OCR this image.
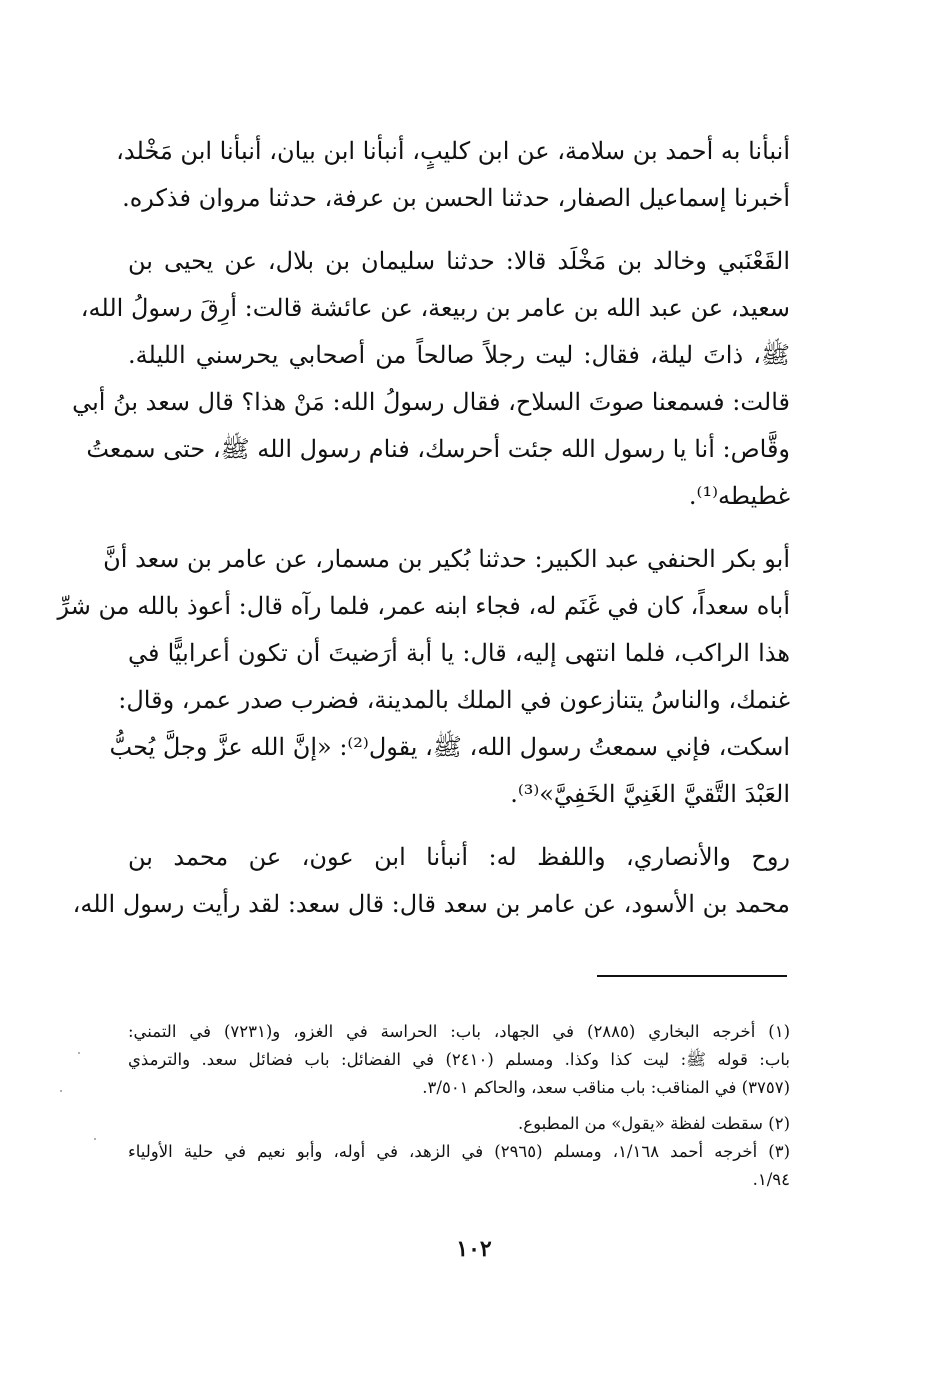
أنبأنا به أحمد بن سلامة، عن ابن كليبٍ، أنبأنا ابن بيان، أنبأنا ابن مَخْلد،
أخبرنا إسماعيل الصفار، حدثنا الحسن بن عرفة، حدثنا مروان فذكره.

القَعْنَبي وخالد بن مَخْلَد قالا: حدثنا سليمان بن بلال، عن يحيى بن
سعيد، عن عبد الله بن عامر بن ربيعة، عن عائشة قالت: أرِقَ رسولُ الله،
ﷺ، ذاتَ ليلة، فقال: ليت رجلاً صالحاً من أصحابي يحرسني الليلة.
قالت: فسمعنا صوتَ السلاح، فقال رسولُ الله: مَنْ هذا؟ قال سعد بنُ أبي
وقَّاص: أنا يا رسول الله جئت أحرسك، فنام رسول الله ﷺ، حتى سمعتُ
غطيطه⁽¹⁾.

أبو بكر الحنفي عبد الكبير: حدثنا بُكير بن مسمار، عن عامر بن سعد أنَّ
أباه سعداً، كان في غَنَم له، فجاء ابنه عمر، فلما رآه قال: أعوذ بالله من شرِّ
هذا الراكب، فلما انتهى إليه، قال: يا أبة أرَضيتَ أن تكون أعرابيًّا في
غنمك، والناسُ يتنازعون في الملك بالمدينة، فضرب صدر عمر، وقال:
اسكت، فإني سمعتُ رسول الله، ﷺ، يقول⁽²⁾: «إنَّ الله عزَّ وجلَّ يُحبُّ
العَبْدَ التَّقيَّ الغَنِيَّ الخَفِيَّ»⁽³⁾.

روح والأنصاري، واللفظ له: أنبأنا ابن عون، عن محمد بن
محمد بن الأسود، عن عامر بن سعد قال: قال سعد: لقد رأيت رسول الله،

(١) أخرجه البخاري (٢٨٨٥) في الجهاد، باب: الحراسة في الغزو، و(٧٢٣١) في التمني:
باب: قوله ﷺ: ليت كذا وكذا. ومسلم (٢٤١٠) في الفضائل: باب فضائل سعد. والترمذي
(٣٧٥٧) في المناقب: باب مناقب سعد، والحاكم ٣/٥٠١.
(٢) سقطت لفظة «يقول» من المطبوع.
(٣) أخرجه أحمد ١/١٦٨، ومسلم (٢٩٦٥) في الزهد، في أوله، وأبو نعيم في حلية الأولياء
١/٩٤.
١٠٢
